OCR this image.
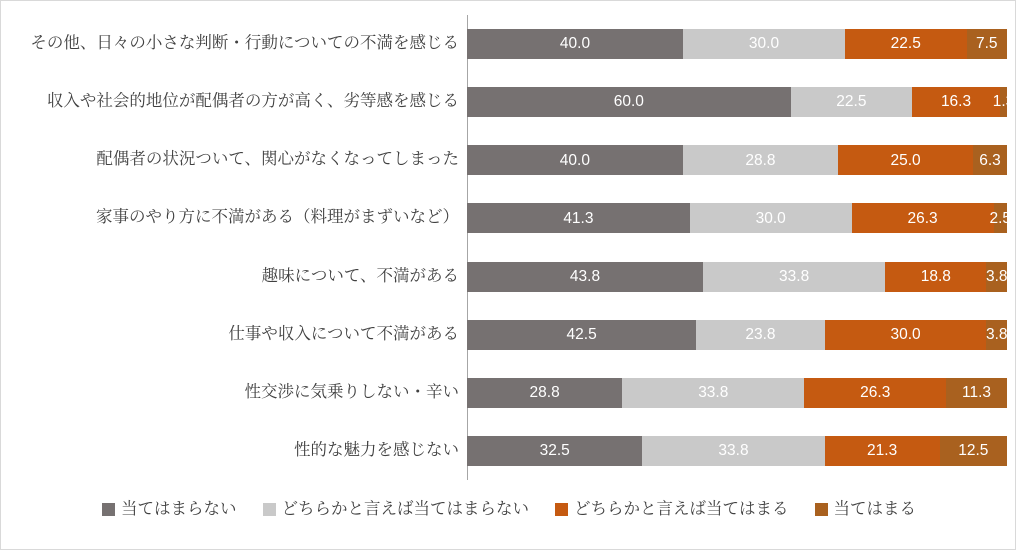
その他、日々の小さな判断・行動についての不満を感じる
収入や社会的地位が配偶者の方が高く、劣等感を感じる
配偶者の状況ついて、関心がなくなってしまった
家事のやり方に不満がある（料理がまずいなど）
趣味について、不満がある
仕事や収入について不満がある
性交渉に気乗りしない・辛い
性的な魅力を感じない
40.0	30.0	22.5	7.5
60.0	22.5	16.3 1.3
40.0	28.8	25.0	6.3
41.3	30.0	26.3	2.5
43.8	33.8	18.8 3.8
42.5	23.8	30.0	3.8
28.8	33.8	26.3	11.3
32.5	33.8	21.3	12.5
当てはまらない	どちらかと言えば当てはまらない	どちらかと言えば当てはまる	当てはまる
